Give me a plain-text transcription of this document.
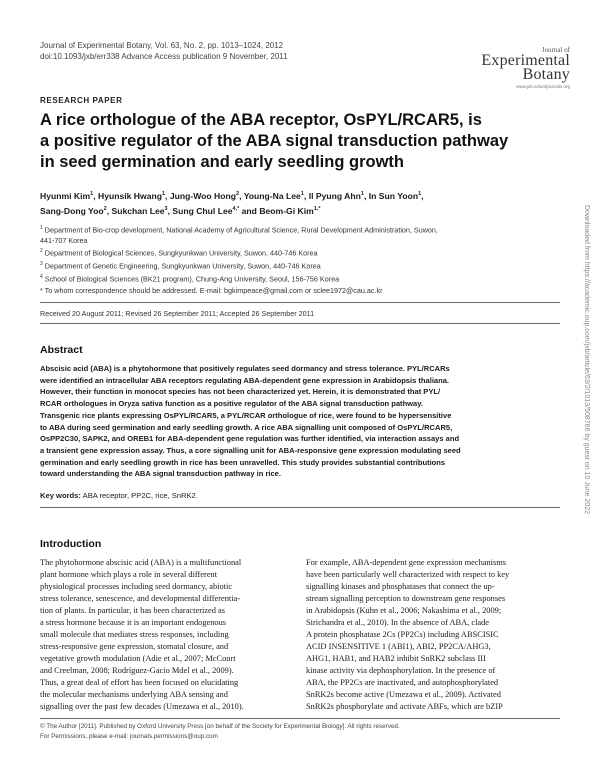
Journal of Experimental Botany, Vol. 63, No. 2, pp. 1013–1024, 2012
doi:10.1093/jxb/err338 Advance Access publication 9 November, 2011
Journal of
Experimental
Botany
www.jxb.oxfordjournals.org
RESEARCH PAPER
A rice orthologue of the ABA receptor, OsPYL/RCAR5, is
a positive regulator of the ABA signal transduction pathway
in seed germination and early seedling growth
Hyunmi Kim$^1$, Hyunsik Hwang$^1$, Jung-Woo Hong$^2$, Young-Na Lee$^1$, Il Pyung Ahn$^1$, In Sun Yoon$^1$,
Sang-Dong Yoo$^2$, Sukchan Lee$^3$, Sung Chul Lee$^{4,*}$ and Beom-Gi Kim$^{1,*}$
$^1$ Department of Bio-crop development, National Academy of Agricultural Science, Rural Development Administration, Suwon,
441-707 Korea
$^2$ Department of Biological Sciences, Sungkyunkwan University, Suwon, 440-746 Korea
$^3$ Department of Genetic Engineering, Sungkyunkwan University, Suwon, 440-746 Korea
$^4$ School of Biological Sciences (BK21 program), Chung-Ang University, Seoul, 156-756 Korea
* To whom correspondence should be addressed. E-mail: bgkimpeace@gmail.com or sclee1972@cau.ac.kr
Received 20 August 2011; Revised 26 September 2011; Accepted 26 September 2011
Abstract
Abscisic acid (ABA) is a phytohormone that positively regulates seed dormancy and stress tolerance. PYL/RCARs
were identified an intracellular ABA receptors regulating ABA-dependent gene expression in Arabidopsis thaliana.
However, their function in monocot species has not been characterized yet. Herein, it is demonstrated that PYL/
RCAR orthologues in Oryza sativa function as a positive regulator of the ABA signal transduction pathway.
Transgenic rice plants expressing OsPYL/RCAR5, a PYL/RCAR orthologue of rice, were found to be hypersensitive
to ABA during seed germination and early seedling growth. A rice ABA signalling unit composed of OsPYL/RCAR5,
OsPP2C30, SAPK2, and OREB1 for ABA-dependent gene regulation was further identified, via interaction assays and
a transient gene expression assay. Thus, a core signalling unit for ABA-responsive gene expression modulating seed
germination and early seedling growth in rice has been unravelled. This study provides substantial contributions
toward understanding the ABA signal transduction pathway in rice.
Key words: ABA receptor, PP2C, rice, SnRK2.
Introduction
The phytohormone abscisic acid (ABA) is a multifunctional
plant hormone which plays a role in several different
physiological processes including seed dormancy, abiotic
stress tolerance, senescence, and developmental differentia-
tion of plants. In particular, it has been characterized as
a stress hormone because it is an important endogenous
small molecule that mediates stress responses, including
stress-responsive gene expression, stomatal closure, and
vegetative growth modulation (Adie et al., 2007; McCourt
and Creelman, 2008; Rodríguez-Gacio Mdel et al., 2009).
Thus, a great deal of effort has been focused on elucidating
the molecular mechanisms underlying ABA sensing and
signalling over the past few decades (Umezawa et al., 2010).
For example, ABA-dependent gene expression mechanisms
have been particularly well characterized with respect to key
signalling kinases and phosphatases that connect the up-
stream signalling perception to downstream gene responses
in Arabidopsis (Kuhn et al., 2006; Nakashima et al., 2009;
Sirichandra et al., 2010). In the absence of ABA, clade
A protein phosphatase 2Cs (PP2Cs) including ABSCISIC
ACID INSENSITIVE 1 (ABI1), ABI2, PP2CA/AHG3,
AHG1, HAB1, and HAB2 inhibit SnRK2 subclass III
kinase activity via dephosphorylation. In the presence of
ABA, the PP2Cs are inactivated, and autophosphorylated
SnRK2s become active (Umezawa et al., 2009). Activated
SnRK2s phosphorylate and activate ABFs, which are bZIP
© The Author [2011]. Published by Oxford University Press [on behalf of the Society for Experimental Biology]. All rights reserved.
For Permissions, please e-mail: journals.permissions@oup.com
Downloaded from https://academic.oup.com/jxb/article/63/2/1013/508766 by guest on 10 June 2022
